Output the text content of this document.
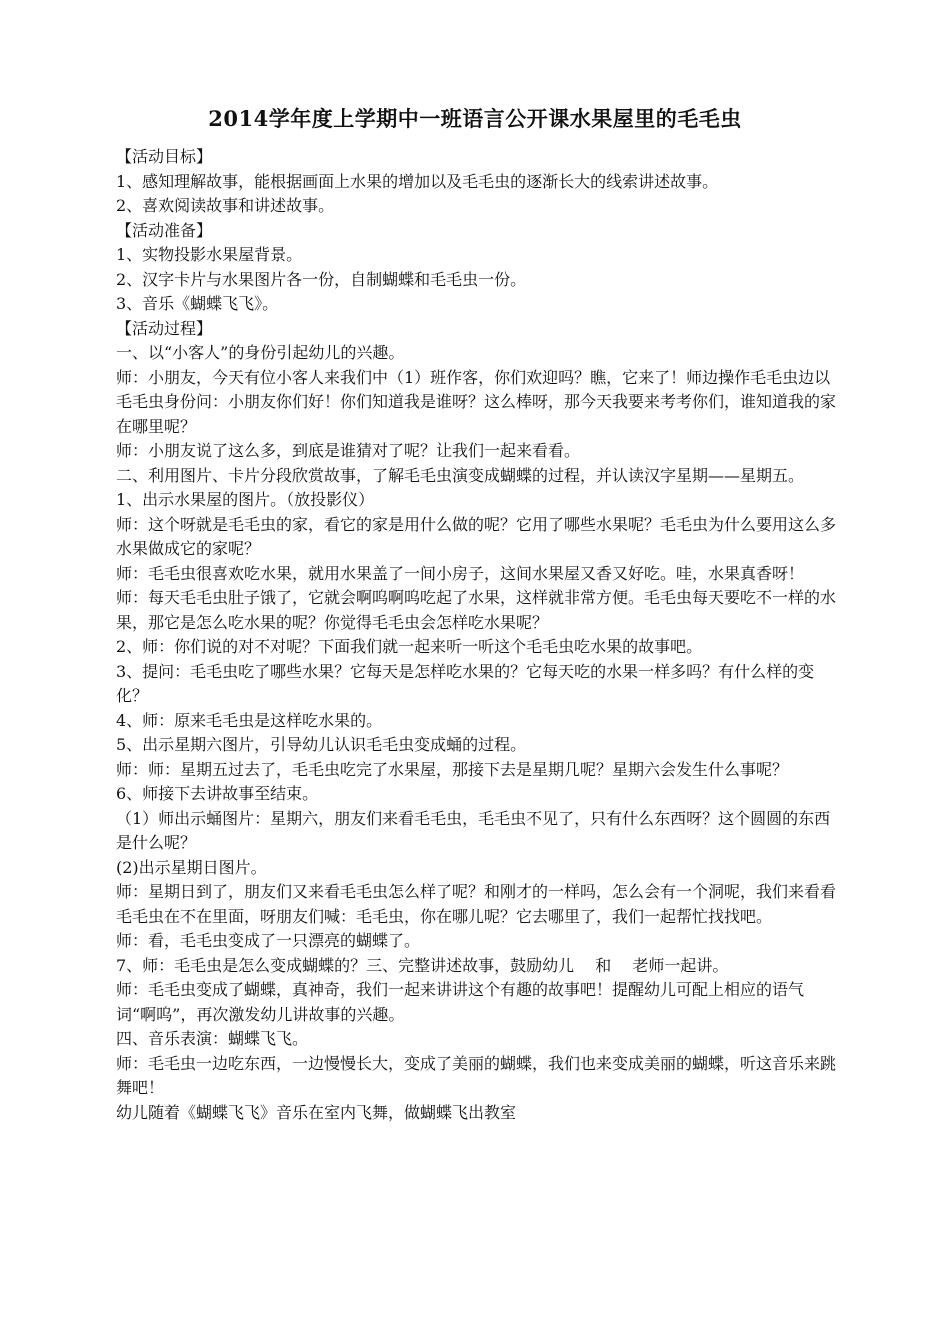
2014学年度上学期中一班语言公开课水果屋里的毛毛虫

【活动目标】

1、感知理解故事，能根据画面上水果的增加以及毛毛虫的逐渐长大的线索讲述故事。

2、喜欢阅读故事和讲述故事。

【活动准备】

1、实物投影水果屋背景。

2、汉字卡片与水果图片各一份，自制蝴蝶和毛毛虫一份。

3、音乐《蝴蝶飞飞》。

【活动过程】

一、以“小客人”的身份引起幼儿的兴趣。

师：小朋友，今天有位小客人来我们中（1）班作客，你们欢迎吗？瞧，它来了！师边操作毛毛虫边以毛毛虫身份问：小朋友你们好！你们知道我是谁呀？这么棒呀，那今天我要来考考你们，谁知道我的家在哪里呢？

师：小朋友说了这么多，到底是谁猜对了呢？让我们一起来看看。

二、利用图片、卡片分段欣赏故事，了解毛毛虫演变成蝴蝶的过程，并认读汉字星期——星期五。

1、出示水果屋的图片。（放投影仪）

师：这个呀就是毛毛虫的家，看它的家是用什么做的呢？它用了哪些水果呢？毛毛虫为什么要用这么多水果做成它的家呢？

师：毛毛虫很喜欢吃水果，就用水果盖了一间小房子，这间水果屋又香又好吃。哇，水果真香呀！

师：每天毛毛虫肚子饿了，它就会啊呜啊呜吃起了水果，这样就非常方便。毛毛虫每天要吃不一样的水果，那它是怎么吃水果的呢？你觉得毛毛虫会怎样吃水果呢？

2、师：你们说的对不对呢？下面我们就一起来听一听这个毛毛虫吃水果的故事吧。

3、提问：毛毛虫吃了哪些水果？它每天是怎样吃水果的？它每天吃的水果一样多吗？有什么样的变化？

4、师：原来毛毛虫是这样吃水果的。

5、出示星期六图片，引导幼儿认识毛毛虫变成蛹的过程。

师：师：星期五过去了，毛毛虫吃完了水果屋，那接下去是星期几呢？星期六会发生什么事呢？

6、师接下去讲故事至结束。

（1）师出示蛹图片：星期六，朋友们来看毛毛虫，毛毛虫不见了，只有什么东西呀？这个圆圆的东西是什么呢？

(2)出示星期日图片。

师：星期日到了，朋友们又来看毛毛虫怎么样了呢？和刚才的一样吗，怎么会有一个洞呢，我们来看看毛毛虫在不在里面，呀朋友们喊：毛毛虫，你在哪儿呢？它去哪里了，我们一起帮忙找找吧。

师：看，毛毛虫变成了一只漂亮的蝴蝶了。

7、师：毛毛虫是怎么变成蝴蝶的？三、完整讲述故事，鼓励幼儿　 和　 老师一起讲。

师：毛毛虫变成了蝴蝶，真神奇，我们一起来讲讲这个有趣的故事吧！提醒幼儿可配上相应的语气词“啊呜”，再次激发幼儿讲故事的兴趣。

四、音乐表演：蝴蝶飞飞。

师：毛毛虫一边吃东西，一边慢慢长大，变成了美丽的蝴蝶，我们也来变成美丽的蝴蝶，听这音乐来跳舞吧！

幼儿随着《蝴蝶飞飞》音乐在室内飞舞，做蝴蝶飞出教室
